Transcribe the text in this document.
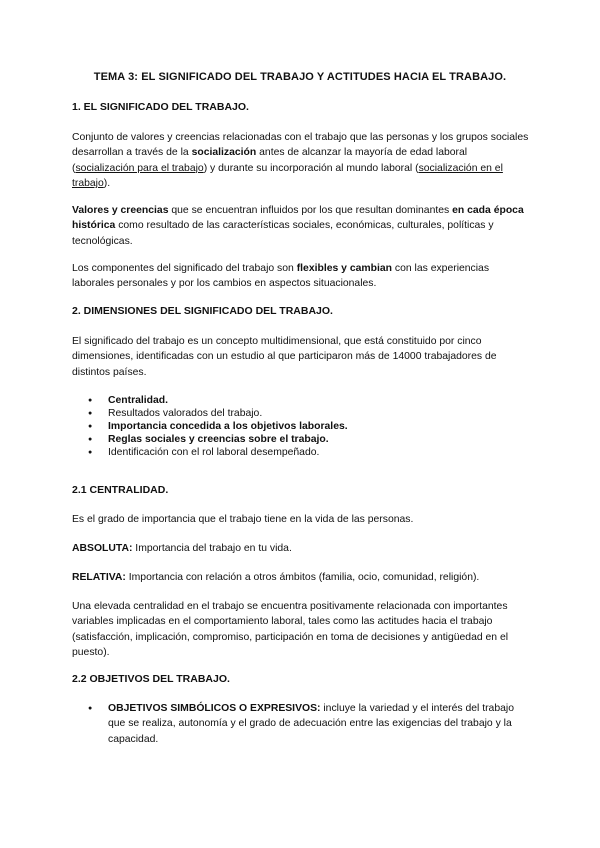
TEMA 3: EL SIGNIFICADO DEL TRABAJO Y ACTITUDES HACIA EL TRABAJO.
1. EL SIGNIFICADO DEL TRABAJO.

Conjunto de valores y creencias relacionadas con el trabajo que las personas y los grupos sociales desarrollan a través de la socialización antes de alcanzar la mayoría de edad laboral (socialización para el trabajo) y durante su incorporación al mundo laboral (socialización en el trabajo).

Valores y creencias que se encuentran influidos por los que resultan dominantes en cada época histórica como resultado de las características sociales, económicas, culturales, políticas y tecnológicas.

Los componentes del significado del trabajo son flexibles y cambian con las experiencias laborales personales y por los cambios en aspectos situacionales.

2. DIMENSIONES DEL SIGNIFICADO DEL TRABAJO.

El significado del trabajo es un concepto multidimensional, que está constituido por cinco dimensiones, identificadas con un estudio al que participaron más de 14000 trabajadores de distintos países.

● Centralidad.
● Resultados valorados del trabajo.
● Importancia concedida a los objetivos laborales.
● Reglas sociales y creencias sobre el trabajo.
● Identificación con el rol laboral desempeñado.
2.1 CENTRALIDAD.

Es el grado de importancia que el trabajo tiene en la vida de las personas.

ABSOLUTA: Importancia del trabajo en tu vida.

RELATIVA: Importancia con relación a otros ámbitos (familia, ocio, comunidad, religión).

Una elevada centralidad en el trabajo se encuentra positivamente relacionada con importantes variables implicadas en el comportamiento laboral, tales como las actitudes hacia el trabajo (satisfacción, implicación, compromiso, participación en toma de decisiones y antigüedad en el puesto).

2.2 OBJETIVOS DEL TRABAJO.
● OBJETIVOS SIMBÓLICOS O EXPRESIVOS: incluye la variedad y el interés del trabajo que se realiza, autonomía y el grado de adecuación entre las exigencias del trabajo y la capacidad.
